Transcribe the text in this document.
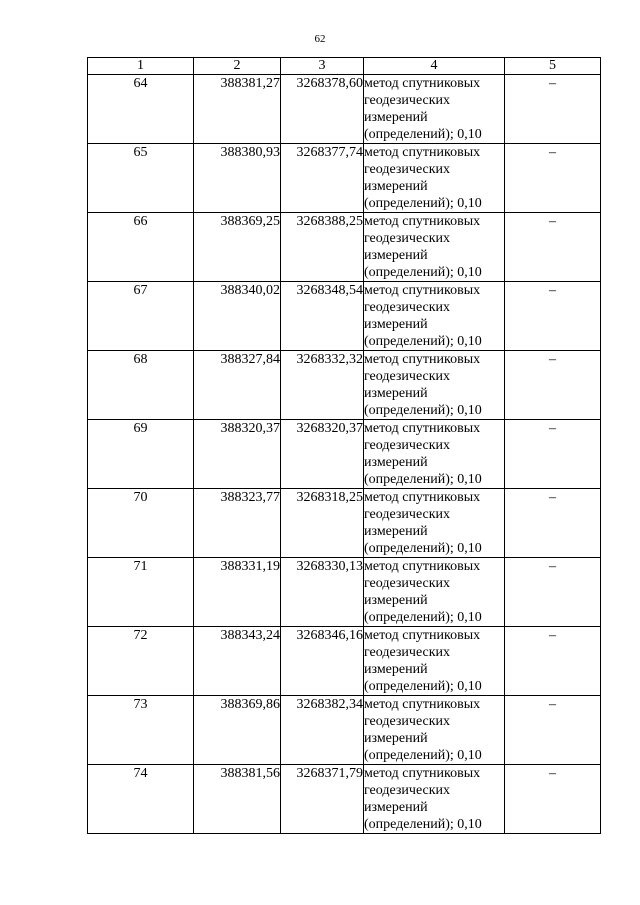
62
1	2	3	4	5
64	388381,27	3268378,60	метод спутниковых
геодезических
измерений
(определений); 0,10	–
65	388380,93	3268377,74	метод спутниковых
геодезических
измерений
(определений); 0,10	–
66	388369,25	3268388,25	метод спутниковых
геодезических
измерений
(определений); 0,10	–
67	388340,02	3268348,54	метод спутниковых
геодезических
измерений
(определений); 0,10	–
68	388327,84	3268332,32	метод спутниковых
геодезических
измерений
(определений); 0,10	–
69	388320,37	3268320,37	метод спутниковых
геодезических
измерений
(определений); 0,10	–
70	388323,77	3268318,25	метод спутниковых
геодезических
измерений
(определений); 0,10	–
71	388331,19	3268330,13	метод спутниковых
геодезических
измерений
(определений); 0,10	–
72	388343,24	3268346,16	метод спутниковых
геодезических
измерений
(определений); 0,10	–
73	388369,86	3268382,34	метод спутниковых
геодезических
измерений
(определений); 0,10	–
74	388381,56	3268371,79	метод спутниковых
геодезических
измерений
(определений); 0,10	–
